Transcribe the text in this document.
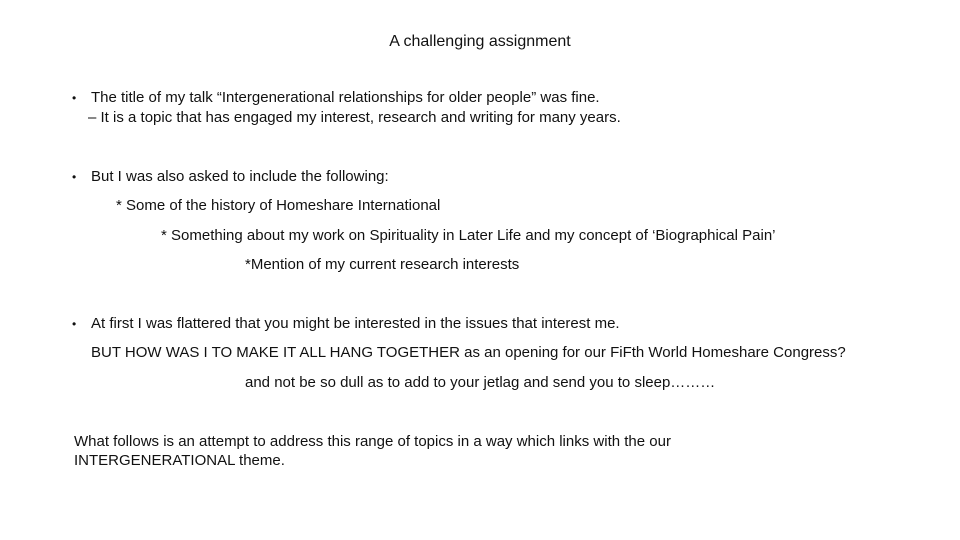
A challenging assignment
• The title of my talk “Intergenerational relationships for older people” was fine.
– It is a topic that has engaged my interest, research and writing for many years.
• But I was also asked to include the following:
* Some of the history of Homeshare International
* Something about my work on Spirituality in Later Life and my concept of ‘Biographical Pain’
*Mention of my current research interests
• At first I was flattered that you might be interested in the issues that interest me.
BUT HOW WAS I TO MAKE IT ALL HANG TOGETHER as an opening for our FiFth World Homeshare Congress?
and not be so dull as to add to your jetlag and send you to sleep………
What follows is an attempt to address this range of topics in a way which links with the our
INTERGENERATIONAL theme.
